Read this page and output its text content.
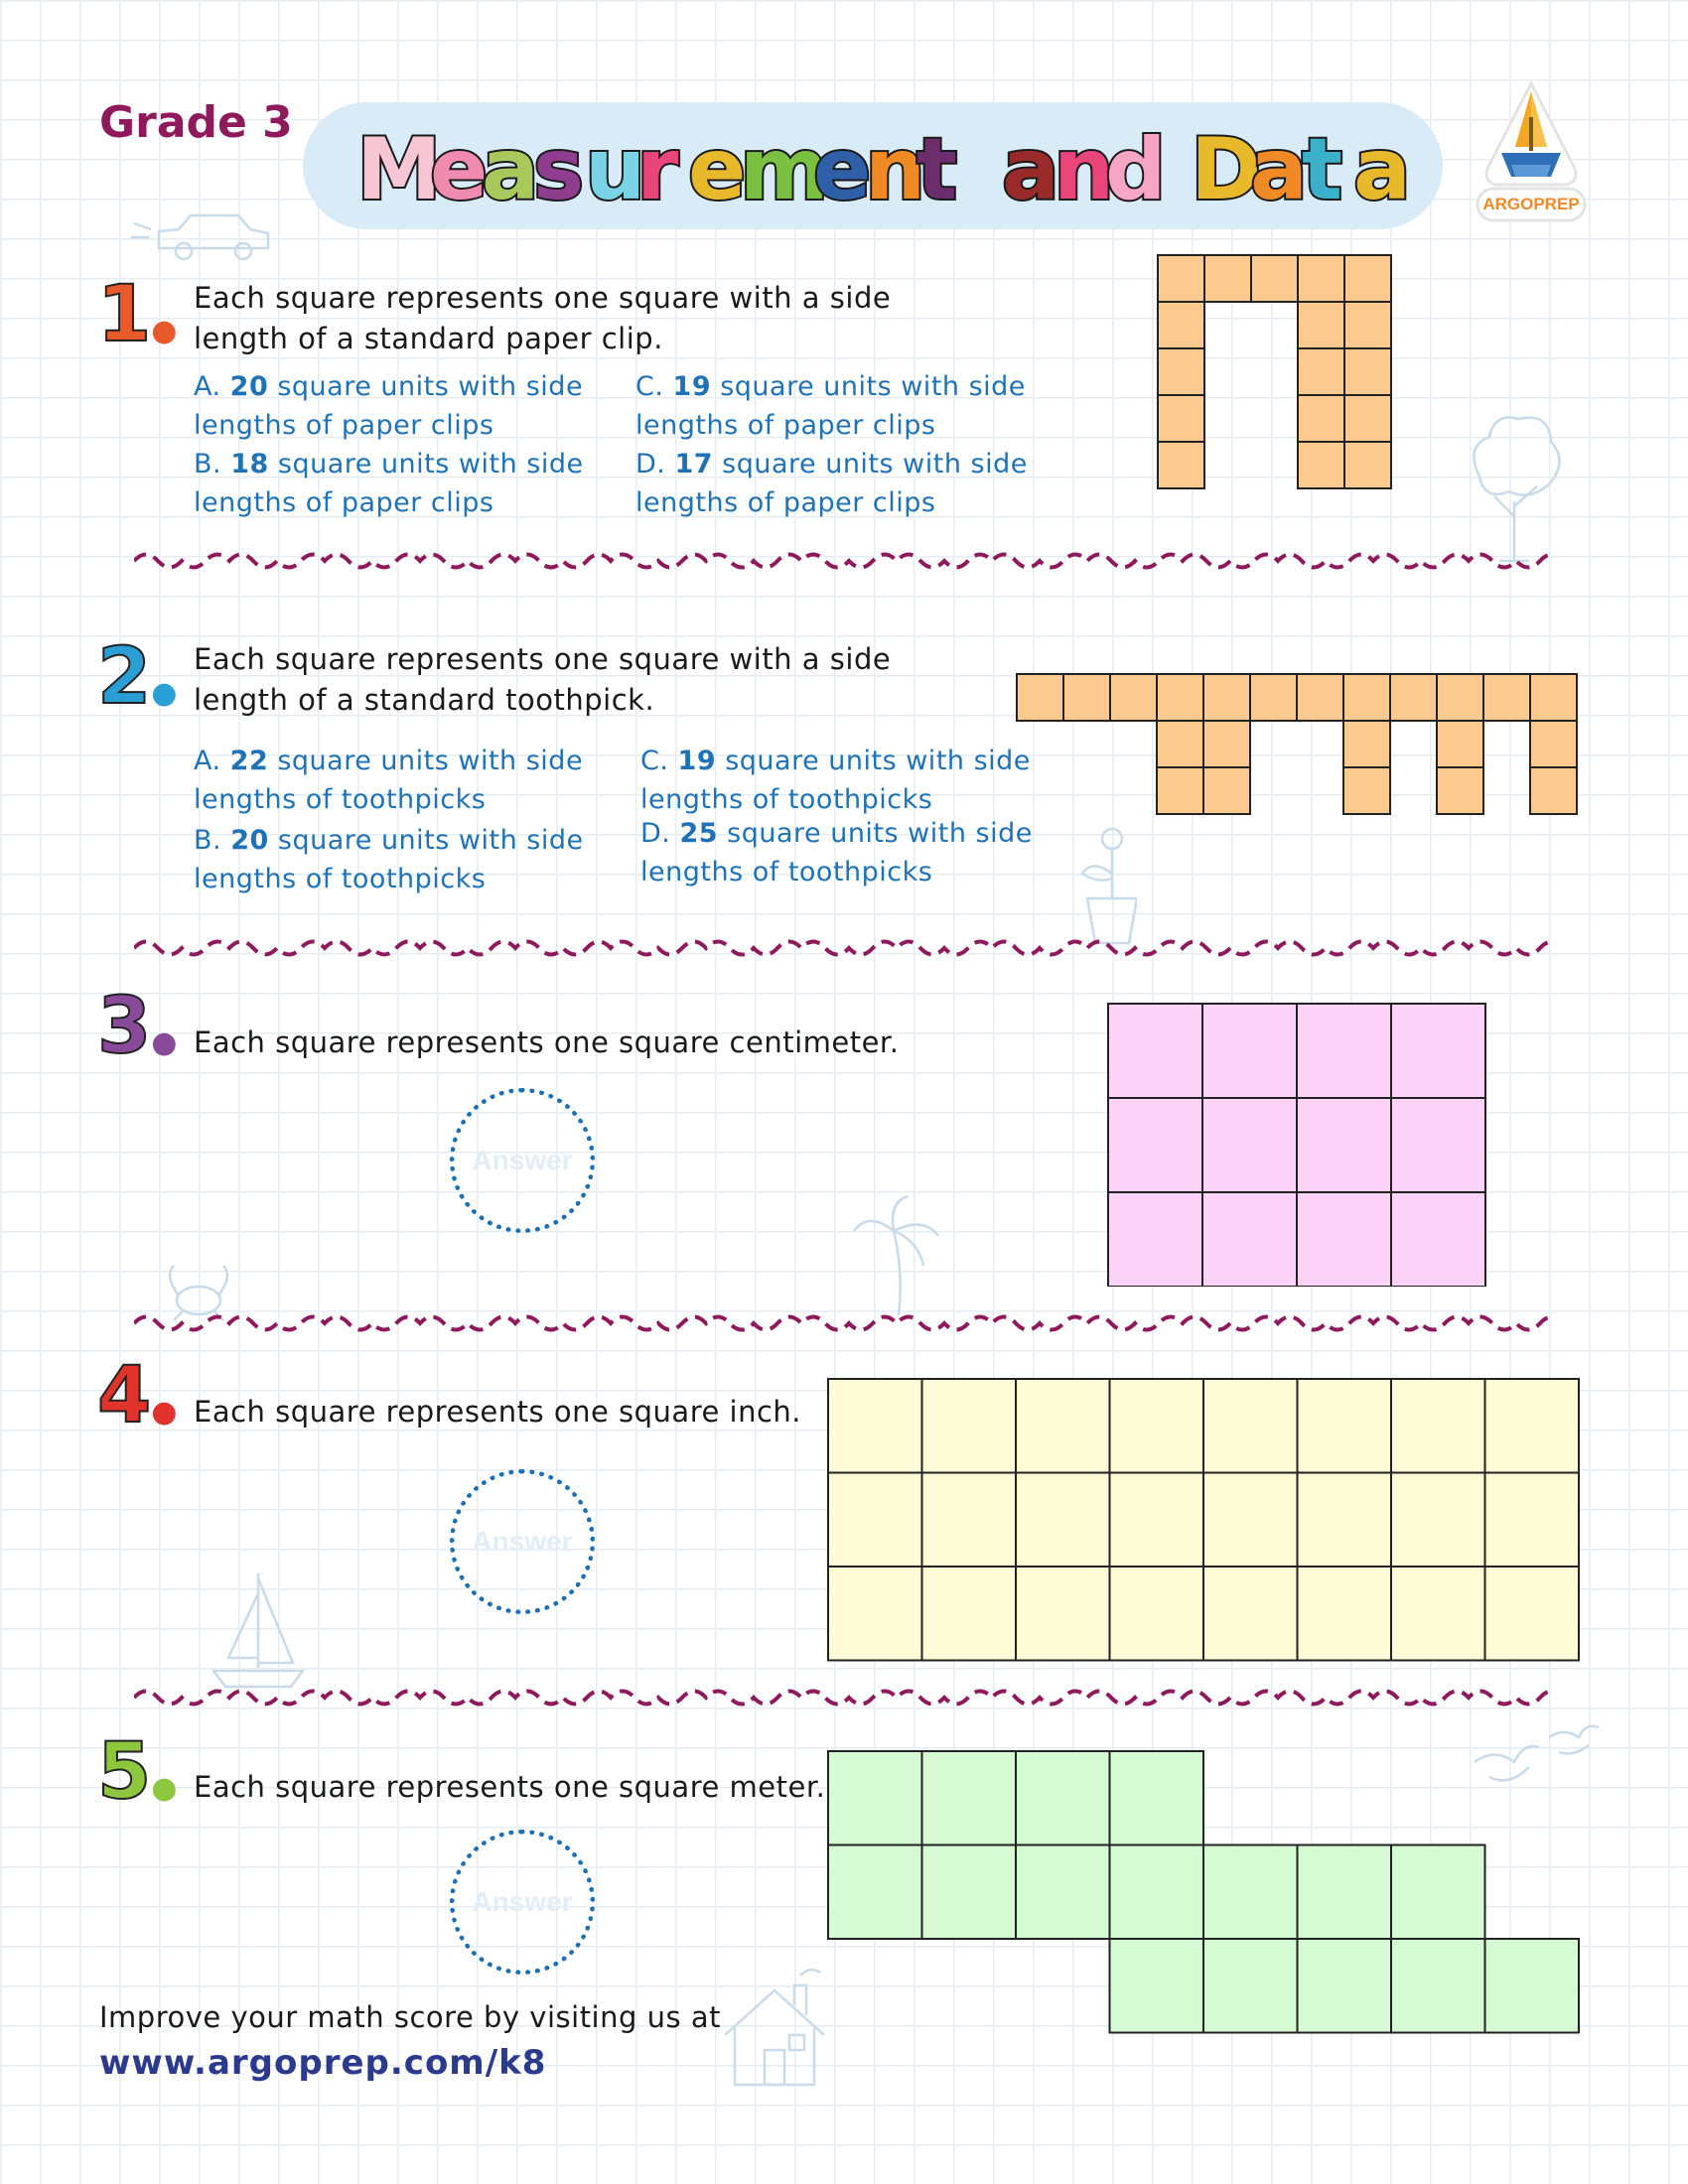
Grade 3 M
e
a
s u
r e
m
e
n
t a
n
d D
a
t a	ARGOPREP
1●
Each square represents one square with a side
length of a standard paper clip.
A. 20 square units with side
lengths of paper clips
C. 19 square units with side
lengths of paper clips
B. 18 square units with side
lengths of paper clips
D. 17 square units with side
lengths of paper clips
2●
Each square represents one square with a side
length of a standard toothpick.
A. 22 square units with side
lengths of toothpicks
C. 19 square units with side
lengths of toothpicks
B. 20 square units with side
lengths of toothpicks
D. 25 square units with side
lengths of toothpicks
3● Each square represents one square centimeter.
Answer
4● Each square represents one square inch.
Answer
5● Each square represents one square meter.
Answer
Improve your math score by visiting us at
www.argoprep.com/k8
